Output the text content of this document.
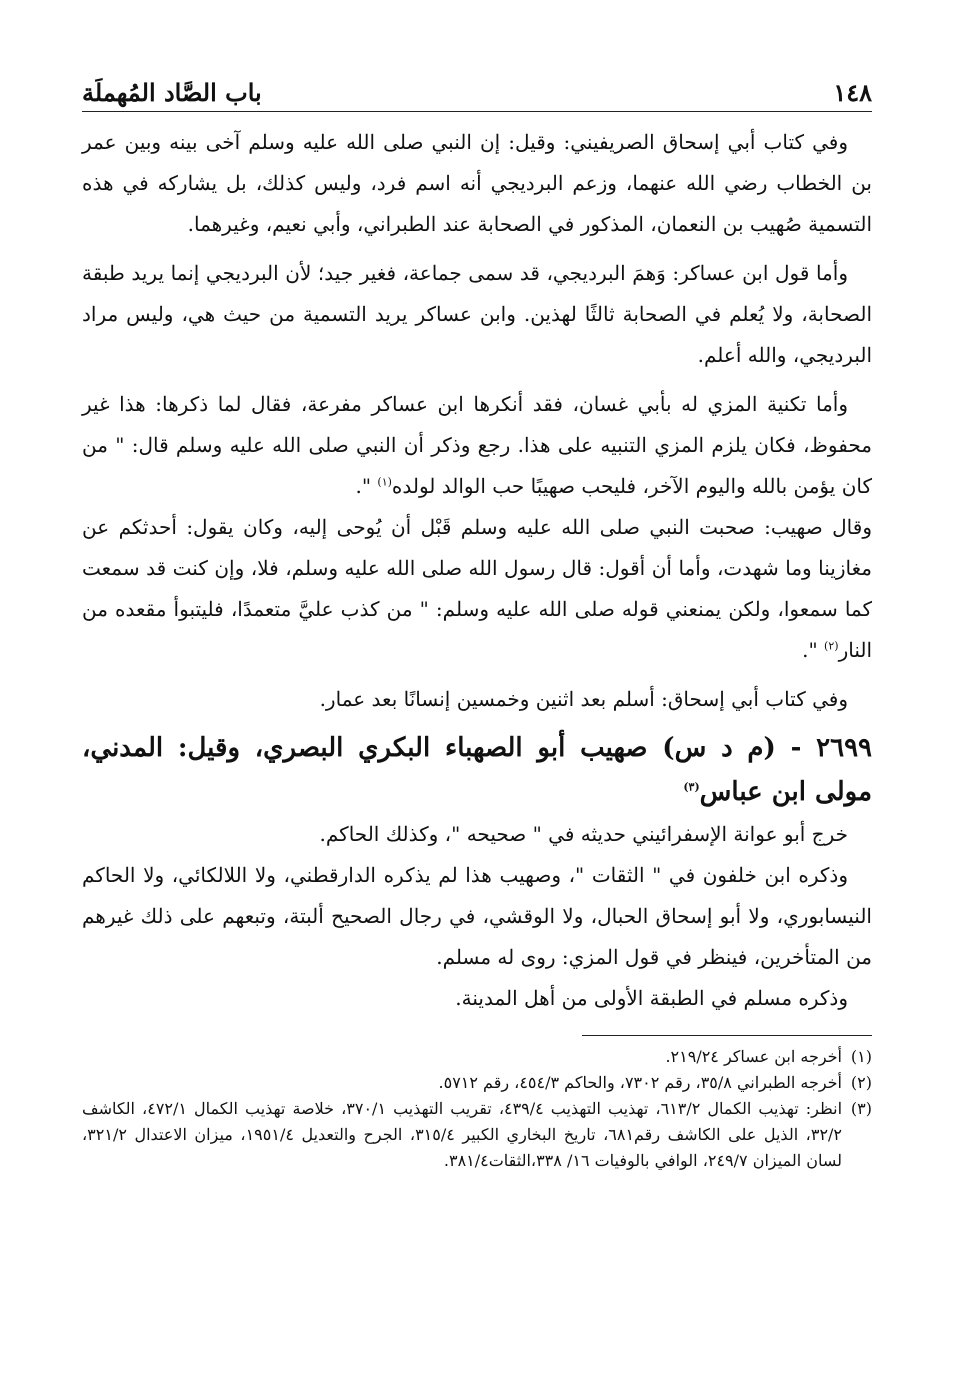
١٤٨
باب الصَّاد المُهملَة

وفي كتاب أبي إسحاق الصريفيني: وقيل: إن النبي صلى الله عليه وسلم آخى بينه وبين عمر بن الخطاب رضي الله عنهما، وزعم البرديجي أنه اسم فرد، وليس كذلك، بل يشاركه في هذه التسمية صُهيب بن النعمان، المذكور في الصحابة عند الطبراني، وأبي نعيم، وغيرهما.

وأما قول ابن عساكر: وَهمَ البرديجي، قد سمى جماعة، فغير جيد؛ لأن البرديجي إنما يريد طبقة الصحابة، ولا يُعلم في الصحابة ثالثًا لهذين. وابن عساكر يريد التسمية من حيث هي، وليس مراد البرديجي، والله أعلم.

وأما تكنية المزي له بأبي غسان، فقد أنكرها ابن عساكر مفرعة، فقال لما ذكرها: هذا غير محفوظ، فكان يلزم المزي التنبيه على هذا. رجع وذكر أن النبي صلى الله عليه وسلم قال: " من كان يؤمن بالله واليوم الآخر، فليحب صهيبًا حب الوالد لولده$^{(١)}$ ".

وقال صهيب: صحبت النبي صلى الله عليه وسلم قَبْل أن يُوحى إليه، وكان يقول: أحدثكم عن مغازينا وما شهدت، وأما أن أقول: قال رسول الله صلى الله عليه وسلم، فلا، وإن كنت قد سمعت كما سمعوا، ولكن يمنعني قوله صلى الله عليه وسلم: " من كذب عليَّ متعمدًا، فليتبوأ مقعده من النار$^{(٢)}$ ".

وفي كتاب أبي إسحاق: أسلم بعد اثنين وخمسين إنسانًا بعد عمار.

٢٦٩٩ - (م د س) صهيب أبو الصهباء البكري البصري، وقيل: المدني، مولى ابن عباس$^{(٣)}$

خرج أبو عوانة الإسفرائيني حديثه في " صحيحه "، وكذلك الحاكم.

وذكره ابن خلفون في " الثقات "، وصهيب هذا لم يذكره الدارقطني، ولا اللالكائي، ولا الحاكم النيسابوري، ولا أبو إسحاق الحبال، ولا الوقشي، في رجال الصحيح ألبتة، وتبعهم على ذلك غيرهم من المتأخرين، فينظر في قول المزي: روى له مسلم.

وذكره مسلم في الطبقة الأولى من أهل المدينة.

(١)
أخرجه ابن عساكر ٢١٩/٢٤.
(٢)
أخرجه الطبراني ٣٥/٨، رقم ٧٣٠٢، والحاكم ٤٥٤/٣، رقم ٥٧١٢.
(٣)
انظر: تهذيب الكمال ٦١٣/٢، تهذيب التهذيب ٤٣٩/٤، تقريب التهذيب ٣٧٠/١، خلاصة تهذيب الكمال ٤٧٢/١، الكاشف ٣٢/٢، الذيل على الكاشف رقم٦٨١، تاريخ البخاري الكبير ٣١٥/٤، الجرح والتعديل ١٩٥١/٤، ميزان الاعتدال ٣٢١/٢، لسان الميزان ٢٤٩/٧، الوافي بالوفيات ١٦/ ٣٣٨،الثقات٣٨١/٤.
